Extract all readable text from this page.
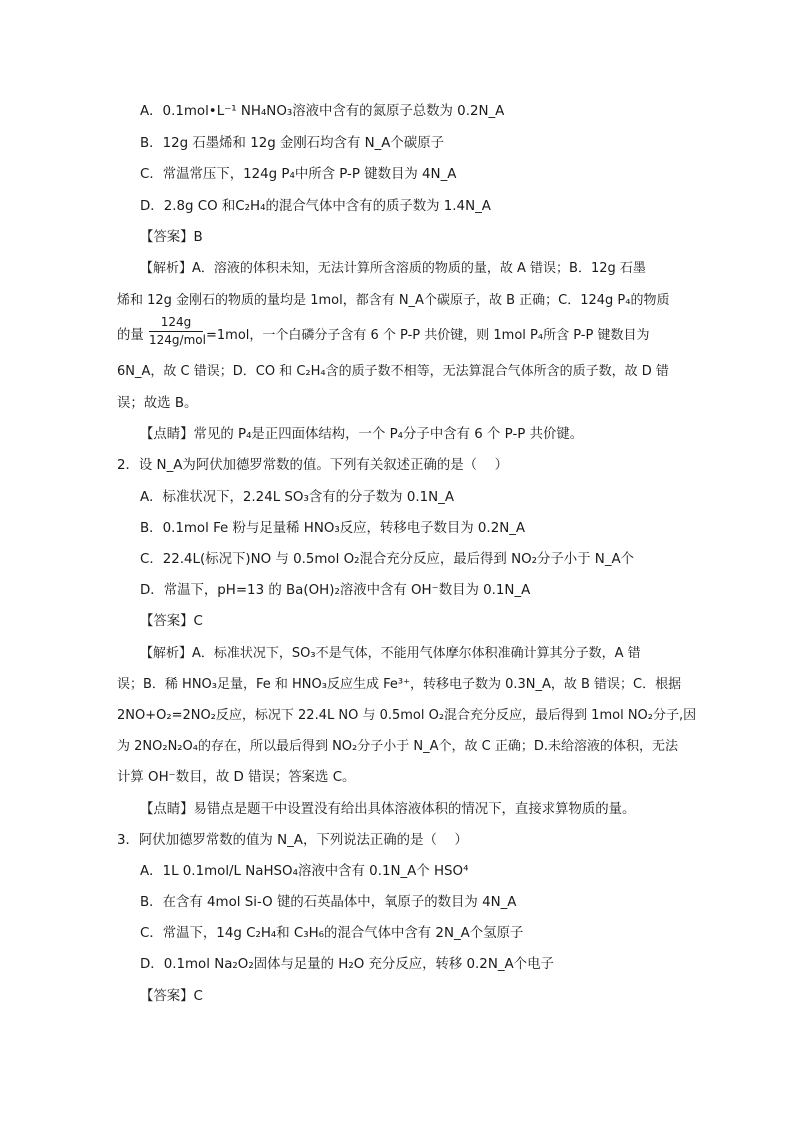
A．0.1mol•L⁻¹ NH₄NO₃溶液中含有的氮原子总数为 0.2N_A
B．12g 石墨烯和 12g 金刚石均含有 N_A个碳原子
C．常温常压下，124g P₄中所含 P-P 键数目为 4N_A
D．2.8g CO 和C₂H₄的混合气体中含有的质子数为 1.4N_A
【答案】B
【解析】A．溶液的体积未知，无法计算所含溶质的物质的量，故 A 错误；B．12g 石墨
烯和 12g 金刚石的物质的量均是 1mol，都含有 N_A个碳原子，故 B 正确；C．124g P₄的物质
的量
124g
124g/mol =1mol，一个白磷分子含有 6 个 P-P 共价键，则 1mol P₄所含 P-P 键数目为
6N_A，故 C 错误；D．CO 和 C₂H₄含的质子数不相等，无法算混合气体所含的质子数，故 D 错
误；故选 B。
【点睛】常见的 P₄是正四面体结构，一个 P₄分子中含有 6 个 P-P 共价键。
2．设 N_A为阿伏加德罗常数的值。下列有关叙述正确的是（　 ）
A．标准状况下，2.24L SO₃含有的分子数为 0.1N_A
B．0.1mol Fe 粉与足量稀 HNO₃反应，转移电子数目为 0.2N_A
C．22.4L(标况下)NO 与 0.5mol O₂混合充分反应，最后得到 NO₂分子小于 N_A个
D．常温下，pH=13 的 Ba(OH)₂溶液中含有 OH⁻数目为 0.1N_A
【答案】C
【解析】A．标准状况下，SO₃不是气体，不能用气体摩尔体积准确计算其分子数，A 错
误；B．稀 HNO₃足量，Fe 和 HNO₃反应生成 Fe³⁺，转移电子数为 0.3N_A，故 B 错误；C．根据
2NO+O₂=2NO₂反应，标况下 22.4L NO 与 0.5mol O₂混合充分反应，最后得到 1mol NO₂分子,因
为 2NO₂N₂O₄的存在，所以最后得到 NO₂分子小于 N_A个，故 C 正确；D.未给溶液的体积，无法
计算 OH⁻数目，故 D 错误；答案选 C。
【点睛】易错点是题干中设置没有给出具体溶液体积的情况下，直接求算物质的量。
3．阿伏加德罗常数的值为 N_A，下列说法正确的是（　 ）
A．1L 0.1mol/L NaHSO₄溶液中含有 0.1N_A个 HSO⁴
B．在含有 4mol Si-O 键的石英晶体中，氧原子的数目为 4N_A
C．常温下，14g C₂H₄和 C₃H₆的混合气体中含有 2N_A个氢原子
D．0.1mol Na₂O₂固体与足量的 H₂O 充分反应，转移 0.2N_A个电子
【答案】C
